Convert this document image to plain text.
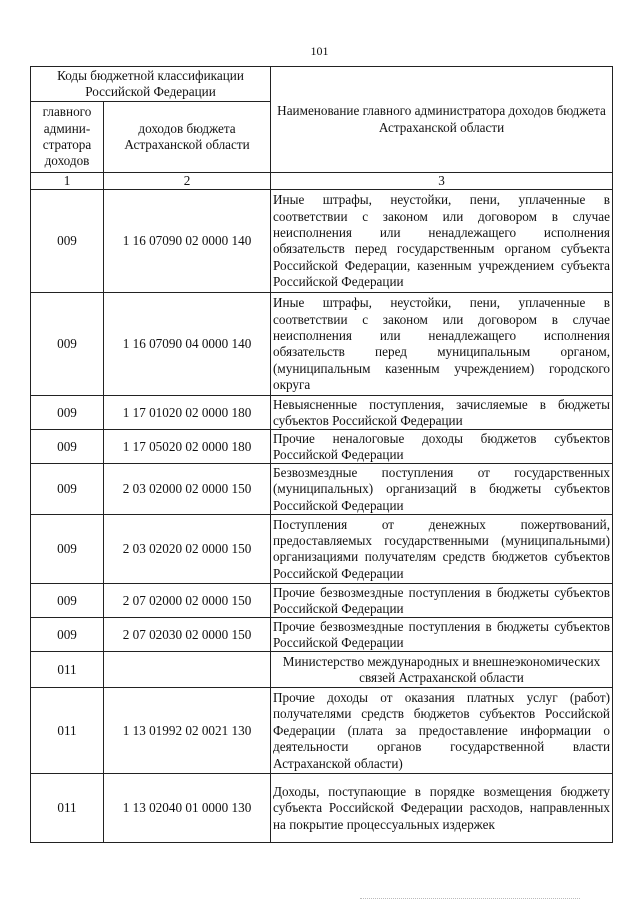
101
Коды бюджетной классификации Российской Федерации		Наименование главного администратора доходов бюджета Астраханской области
главного админи-стратора доходов	доходов бюджета Астраханской области	
1	2	3
009	1 16 07090 02 0000 140	Иные штрафы, неустойки, пени, уплаченные в соответствии с законом или договором в случае неисполнения или ненадлежащего исполнения обязательств перед государственным органом субъекта Российской Федерации, казенным учреждением субъекта Российской Федерации
009	1 16 07090 04 0000 140	Иные штрафы, неустойки, пени, уплаченные в соответствии с законом или договором в случае неисполнения или ненадлежащего исполнения обязательств перед муниципальным органом, (муниципальным казенным учреждением) городского округа
009	1 17 01020 02 0000 180	Невыясненные поступления, зачисляемые в бюджеты субъектов Российской Федерации
009	1 17 05020 02 0000 180	Прочие неналоговые доходы бюджетов субъектов Российской Федерации
009	2 03 02000 02 0000 150	Безвозмездные поступления от государственных (муниципальных) организаций в бюджеты субъектов Российской Федерации
009	2 03 02020 02 0000 150	Поступления от денежных пожертвований, предоставляемых государственными (муниципальными) организациями получателям средств бюджетов субъектов Российской Федерации
009	2 07 02000 02 0000 150	Прочие безвозмездные поступления в бюджеты субъектов Российской Федерации
009	2 07 02030 02 0000 150	Прочие безвозмездные поступления в бюджеты субъектов Российской Федерации
011		Министерство международных и внешнеэкономических связей Астраханской области
011	1 13 01992 02 0021 130	Прочие доходы от оказания платных услуг (работ) получателями средств бюджетов субъектов Российской Федерации (плата за предоставление информации о деятельности органов государственной власти Астраханской области)
011	1 13 02040 01 0000 130	Доходы, поступающие в порядке возмещения бюджету субъекта Российской Федерации расходов, направленных на покрытие процессуальных издержек
